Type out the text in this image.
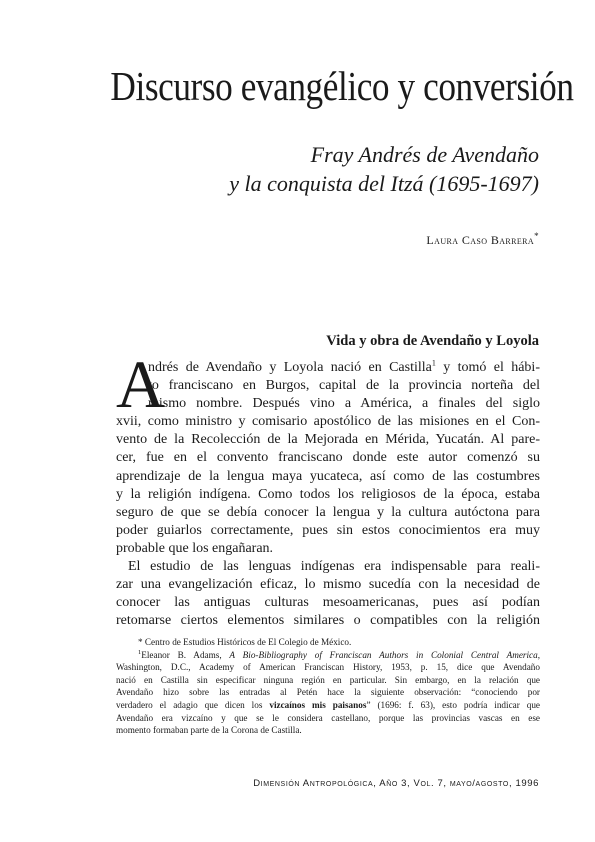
Discurso evangélico y conversión
Fray Andrés de Avendaño
y la conquista del Itzá (1695-1697)
Laura Caso Barrera*
Vida y obra de Avendaño y Loyola
A
ndrés de Avendaño y Loyola nació en Castilla$^1$ y tomó el hábi-
to franciscano en Burgos, capital de la provincia norteña del
mismo nombre. Después vino a América, a finales del siglo
xvii, como ministro y comisario apostólico de las misiones en el Con-
vento de la Recolección de la Mejorada en Mérida, Yucatán. Al pare-
cer, fue en el convento franciscano donde este autor comenzó su
aprendizaje de la lengua maya yucateca, así como de las costumbres
y la religión indígena. Como todos los religiosos de la época, estaba
seguro de que se debía conocer la lengua y la cultura autóctona para
poder guiarlos correctamente, pues sin estos conocimientos era muy
probable que los engañaran.
El estudio de las lenguas indígenas era indispensable para reali-
zar una evangelización eficaz, lo mismo sucedía con la necesidad de
conocer las antiguas culturas mesoamericanas, pues así podían
retomarse ciertos elementos similares o compatibles con la religión
* Centro de Estudios Históricos de El Colegio de México.
$^1$Eleanor B. Adams, A Bio-Bibliography of Franciscan Authors in Colonial Central America,
Washington, D.C., Academy of American Franciscan History, 1953, p. 15, dice que Avendaño
nació en Castilla sin especificar ninguna región en particular. Sin embargo, en la relación que
Avendaño hizo sobre las entradas al Petén hace la siguiente observación: “conociendo por
verdadero el adagio que dicen los vizcaínos mis paisanos” (1696: f. 63), esto podría indicar que
Avendaño era vizcaíno y que se le considera castellano, porque las provincias vascas en ese
momento formaban parte de la Corona de Castilla.
Dimensión Antropológica, Año 3, Vol. 7, mayo/agosto, 1996
